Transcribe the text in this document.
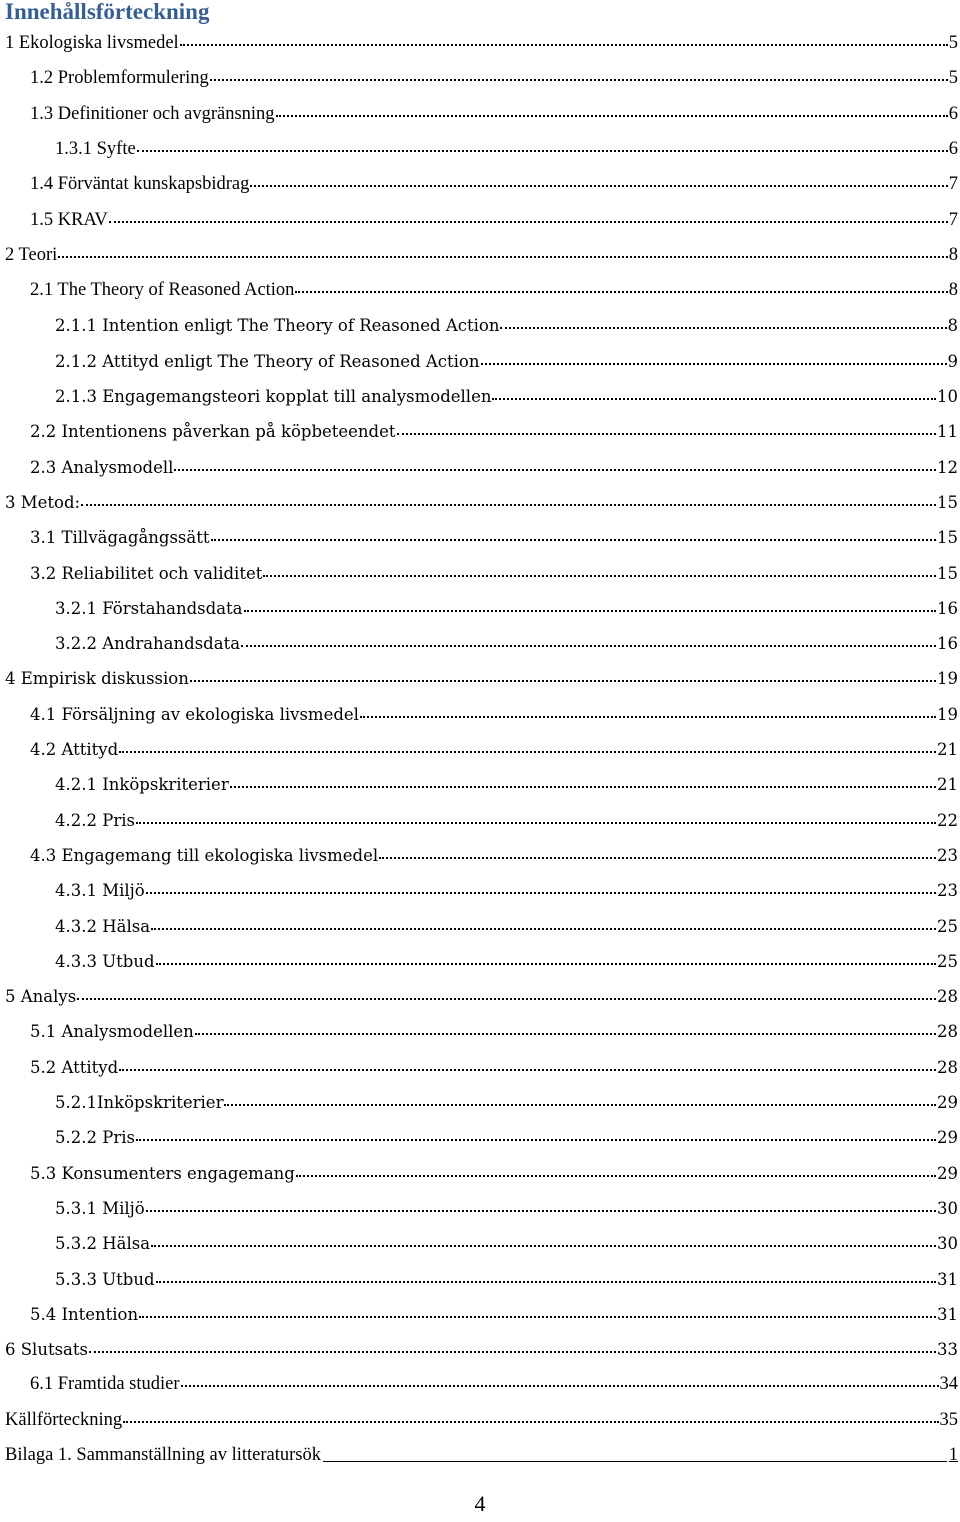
Innehållsförteckning
1 Ekologiska livsmedel	5
1.2 Problemformulering	5
1.3 Definitioner och avgränsning	6
1.3.1 Syfte	6
1.4 Förväntat kunskapsbidrag	7
1.5 KRAV	7
2 Teori	8
2.1 The Theory of Reasoned Action	8
2.1.1 Intention enligt The Theory of Reasoned Action	8
2.1.2 Attityd enligt The Theory of Reasoned Action	9
2.1.3 Engagemangsteori kopplat till analysmodellen	10
2.2 Intentionens påverkan på köpbeteendet	11
2.3 Analysmodell	12
3 Metod:	15
3.1 Tillvägagångssätt	15
3.2 Reliabilitet och validitet	15
3.2.1 Förstahandsdata	16
3.2.2 Andrahandsdata	16
4 Empirisk diskussion	19
4.1 Försäljning av ekologiska livsmedel	19
4.2 Attityd	21
4.2.1 Inköpskriterier	21
4.2.2 Pris	22
4.3 Engagemang till ekologiska livsmedel	23
4.3.1 Miljö	23
4.3.2 Hälsa	25
4.3.3 Utbud	25
5 Analys	28
5.1 Analysmodellen	28
5.2 Attityd	28
5.2.1Inköpskriterier	29
5.2.2 Pris	29
5.3 Konsumenters engagemang	29
5.3.1 Miljö	30
5.3.2 Hälsa	30
5.3.3 Utbud	31
5.4 Intention	31
6 Slutsats	33
6.1 Framtida studier	34
Källförteckning	35
Bilaga 1. Sammanställning av litteratursök	1
4
